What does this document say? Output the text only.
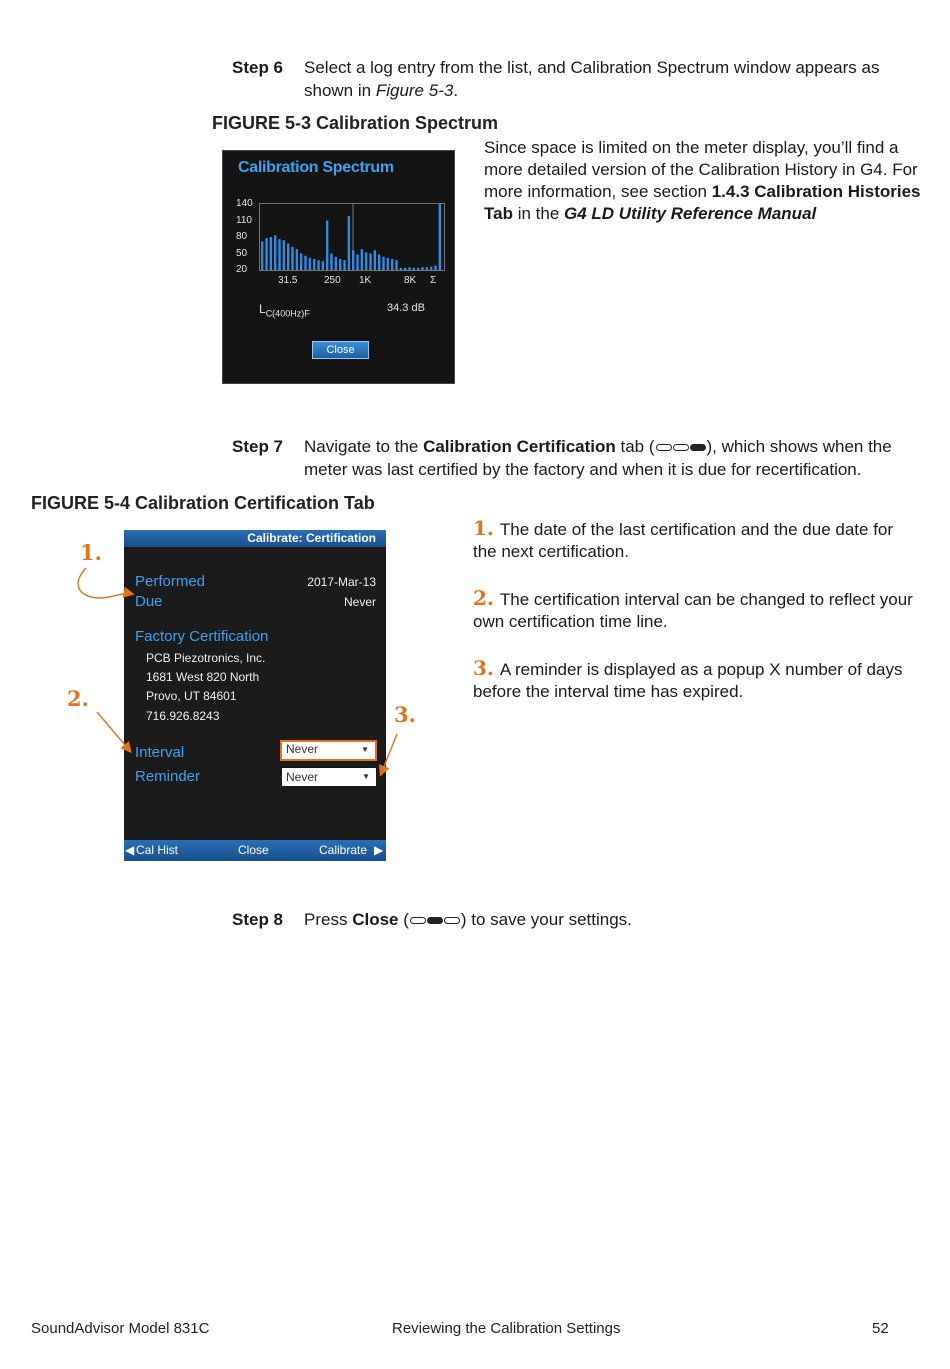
Step 6 Select a log entry from the list, and Calibration Spectrum window appears as shown in Figure 5-3.
FIGURE 5-3 Calibration Spectrum
Calibration Spectrum
140
110
80
50
20
31.5	250 1K	8K Σ
$L_{C(400Hz)F}$	34.3 dB
Close
Since space is limited on the meter display, you’ll find a more detailed version of the Calibration History in G4. For more information, see section 1.4.3 Calibration Histories Tab in the G4 LD Utility Reference Manual
Step 7 Navigate to the Calibration Certification tab (	), which shows when the meter was last certified by the factory and when it is due for recertification.
FIGURE 5-4 Calibration Certification Tab
Calibrate: Certification
Performed	2017-Mar-13
Due	Never
Factory Certification
PCB Piezotronics, Inc.
1681 West 820 North
Provo, UT 84601
716.926.8243
Interval	Never	▼
Reminder	Never	▼
◀ Cal Hist	Close	Calibrate ▶
1.
2.
3.
1. The date of the last certification and the due date for the next certification.
2. The certification interval can be changed to reflect your own certification time line.
3. A reminder is displayed as a popup X number of days before the interval time has expired.
Step 8 Press Close (	) to save your settings.
SoundAdvisor Model 831C	Reviewing the Calibration Settings	52
